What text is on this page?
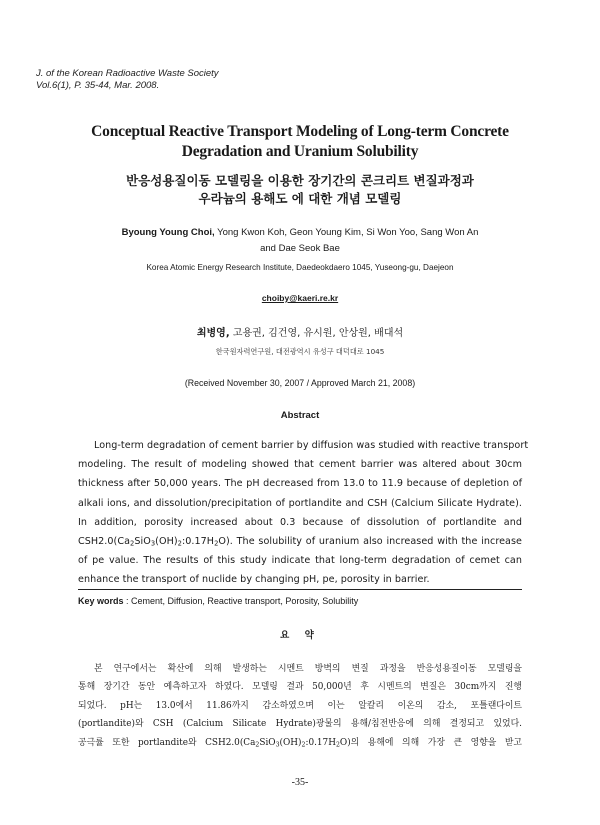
J. of the Korean Radioactive Waste Society
Vol.6(1), P. 35-44, Mar. 2008.
Conceptual Reactive Transport Modeling of Long-term Concrete
Degradation and Uranium Solubility
반응성용질이동 모델링을 이용한 장기간의 콘크리트 변질과정과
우라늄의 용해도 에 대한 개념 모델링
Byoung Young Choi, Yong Kwon Koh, Geon Young Kim, Si Won Yoo, Sang Won An
and Dae Seok Bae
Korea Atomic Energy Research Institute, Daedeokdaero 1045, Yuseong-gu, Daejeon
choiby@kaeri.re.kr
최병영, 고용권, 김건영, 유시원, 안상원, 배대석
한국원자력연구원, 대전광역시 유성구 대덕대로 1045
(Received November 30, 2007 / Approved March 21, 2008)
Abstract
Long-term degradation of cement barrier by diffusion was studied with reactive transport
modeling. The result of modeling showed that cement barrier was altered about 30cm
thickness after 50,000 years. The pH decreased from 13.0 to 11.9 because of depletion of
alkali ions, and dissolution/precipitation of portlandite and CSH (Calcium Silicate Hydrate).
In addition, porosity increased about 0.3 because of dissolution of portlandite and
$CSH2.0(Ca_2SiO_3(OH)_2:0.17H_2O)$. The solubility of uranium also increased with the increase
of pe value. The results of this study indicate that long-term degradation of cemet can
enhance the transport of nuclide by changing pH, pe, porosity in barrier.
Key words : Cement, Diffusion, Reactive transport, Porosity, Solubility
요 약
본 연구에서는 확산에 의해 발생하는 시멘트 방벽의 변질 과정을 반응성용질이동 모델링을
통해 장기간 동안 예측하고자 하였다. 모델링 결과 50,000년 후 시멘트의 변질은 30cm까지 진행
되었다. pH는 13.0에서 11.86까지 감소하였으며 이는 알칼리 이온의 감소, 포틀랜다이트
(portlandite)와 CSH (Calcium Silicate Hydrate)광물의 용해/침전반응에 의해 결정되고 있었다.
공극률 또한 portlandite와 $CSH2.0(Ca_2SiO_3(OH)_2:0.17H_2O)$의 용해에 의해 가장 큰 영향을 받고
-35-
